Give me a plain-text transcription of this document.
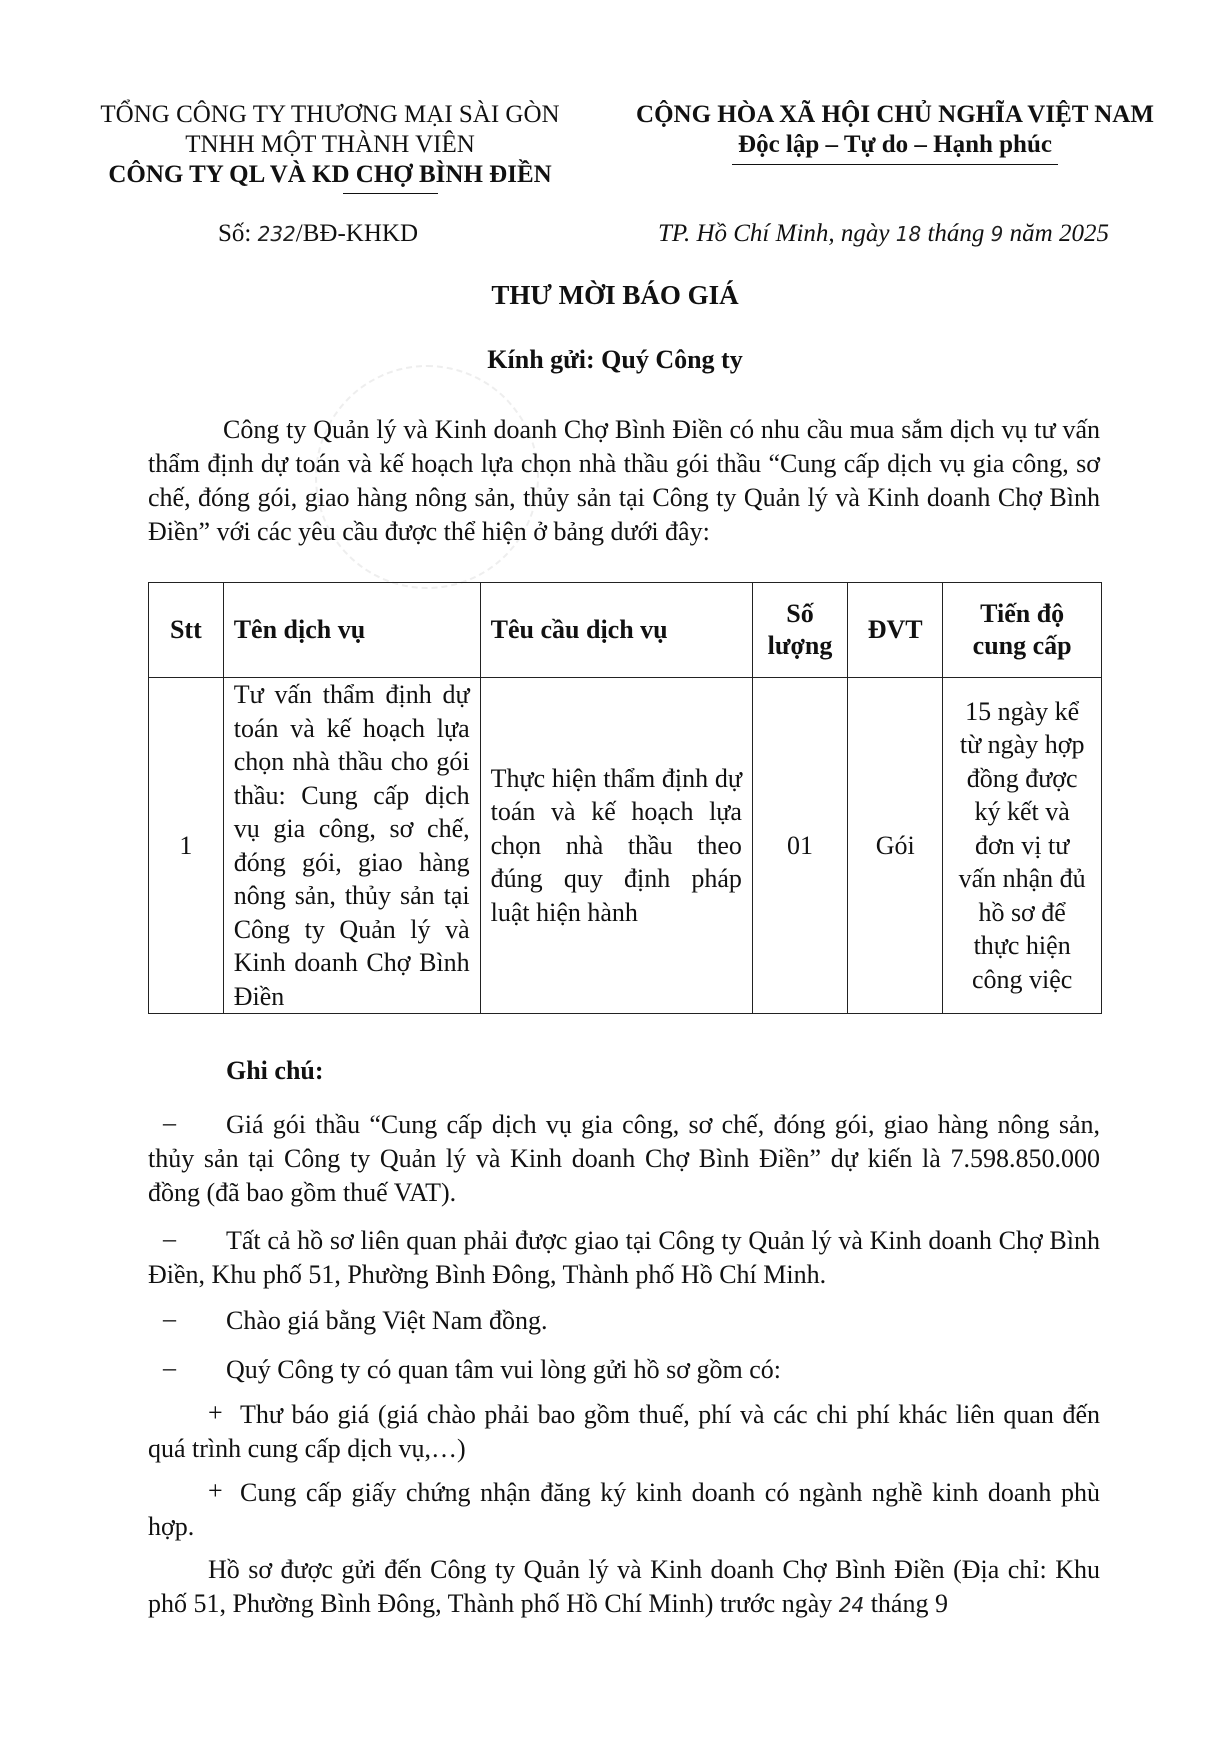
TỔNG CÔNG TY THƯƠNG MẠI SÀI GÒN
TNHH MỘT THÀNH VIÊN
CÔNG TY QL VÀ KD CHỢ BÌNH ĐIỀN
CỘNG HÒA XÃ HỘI CHỦ NGHĨA VIỆT NAM
Độc lập – Tự do – Hạnh phúc
Số: 232/BĐ-KHKD	TP. Hồ Chí Minh, ngày 18 tháng 9 năm 2025
THƯ MỜI BÁO GIÁ
Kính gửi: Quý Công ty
Công ty Quản lý và Kinh doanh Chợ Bình Điền có nhu cầu mua sắm dịch vụ tư vấn thẩm định dự toán và kế hoạch lựa chọn nhà thầu gói thầu “Cung cấp dịch vụ gia công, sơ chế, đóng gói, giao hàng nông sản, thủy sản tại Công ty Quản lý và Kinh doanh Chợ Bình Điền” với các yêu cầu được thể hiện ở bảng dưới đây:
Stt	Tên dịch vụ	Têu cầu dịch vụ	Số lượng	ĐVT	Tiến độ cung cấp
1	Tư vấn thẩm định dự toán và kế hoạch lựa chọn nhà thầu cho gói thầu: Cung cấp dịch vụ gia công, sơ chế, đóng gói, giao hàng nông sản, thủy sản tại Công ty Quản lý và Kinh doanh Chợ Bình Điền	Thực hiện thẩm định dự toán và kế hoạch lựa chọn nhà thầu theo đúng quy định pháp luật hiện hành	01	Gói	15 ngày kể từ ngày hợp đồng được ký kết và đơn vị tư vấn nhận đủ hồ sơ để thực hiện công việc
Ghi chú:
–	Giá gói thầu “Cung cấp dịch vụ gia công, sơ chế, đóng gói, giao hàng nông sản, thủy sản tại Công ty Quản lý và Kinh doanh Chợ Bình Điền” dự kiến là 7.598.850.000 đồng (đã bao gồm thuế VAT).
–	Tất cả hồ sơ liên quan phải được giao tại Công ty Quản lý và Kinh doanh Chợ Bình Điền, Khu phố 51, Phường Bình Đông, Thành phố Hồ Chí Minh.
–	Chào giá bằng Việt Nam đồng.
–	Quý Công ty có quan tâm vui lòng gửi hồ sơ gồm có:
+ Thư báo giá (giá chào phải bao gồm thuế, phí và các chi phí khác liên quan đến quá trình cung cấp dịch vụ,…)
+ Cung cấp giấy chứng nhận đăng ký kinh doanh có ngành nghề kinh doanh phù hợp.
Hồ sơ được gửi đến Công ty Quản lý và Kinh doanh Chợ Bình Điền (Địa chỉ: Khu phố 51, Phường Bình Đông, Thành phố Hồ Chí Minh) trước ngày 24 tháng 9
